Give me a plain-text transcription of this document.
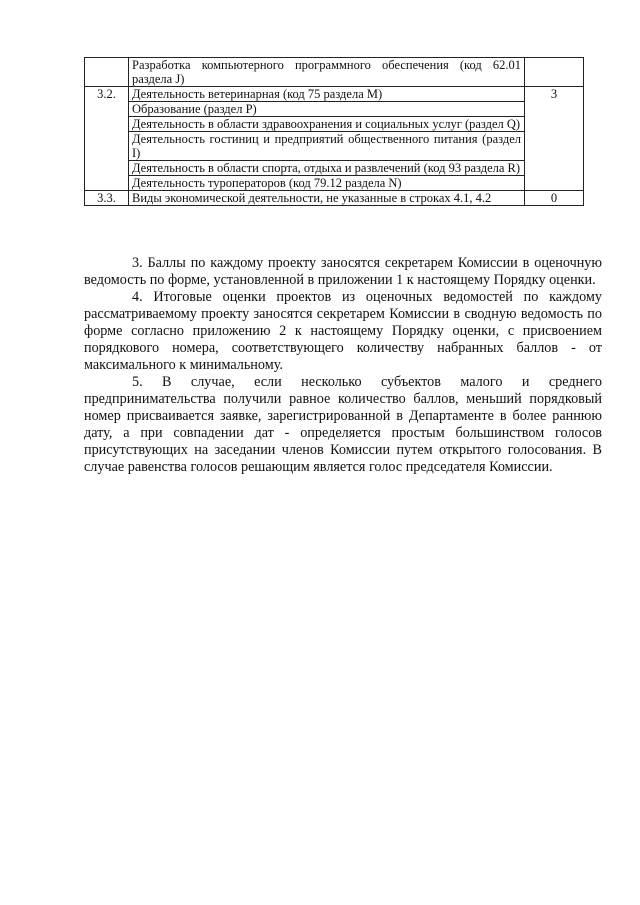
	Разработка компьютерного программного обеспечения (код 62.01 раздела J)	
3.2.	Деятельность ветеринарная (код 75 раздела M)	3
	Образование (раздел P)	
	Деятельность в области здравоохранения и социальных услуг (раздел Q)	
	Деятельность гостиниц и предприятий общественного питания (раздел I)	
	Деятельность в области спорта, отдыха и развлечений (код 93 раздела R)	
	Деятельность туроператоров (код 79.12 раздела N)	
3.3.	Виды экономической деятельности, не указанные в строках 4.1, 4.2	0

3. Баллы по каждому проекту заносятся секретарем Комиссии в оценочную ведомость по форме, установленной в приложении 1 к настоящему Порядку оценки.

4. Итоговые оценки проектов из оценочных ведомостей по каждому рассматриваемому проекту заносятся секретарем Комиссии в сводную ведомость по форме согласно приложению 2 к настоящему Порядку оценки, с присвоением порядкового номера, соответствующего количеству набранных баллов - от максимального к минимальному.

5. В случае, если несколько субъектов малого и среднего предпринимательства получили равное количество баллов, меньший порядковый номер присваивается заявке, зарегистрированной в Департаменте в более раннюю дату, а при совпадении дат - определяется простым большинством голосов присутствующих на заседании членов Комиссии путем открытого голосования. В случае равенства голосов решающим является голос председателя Комиссии.
